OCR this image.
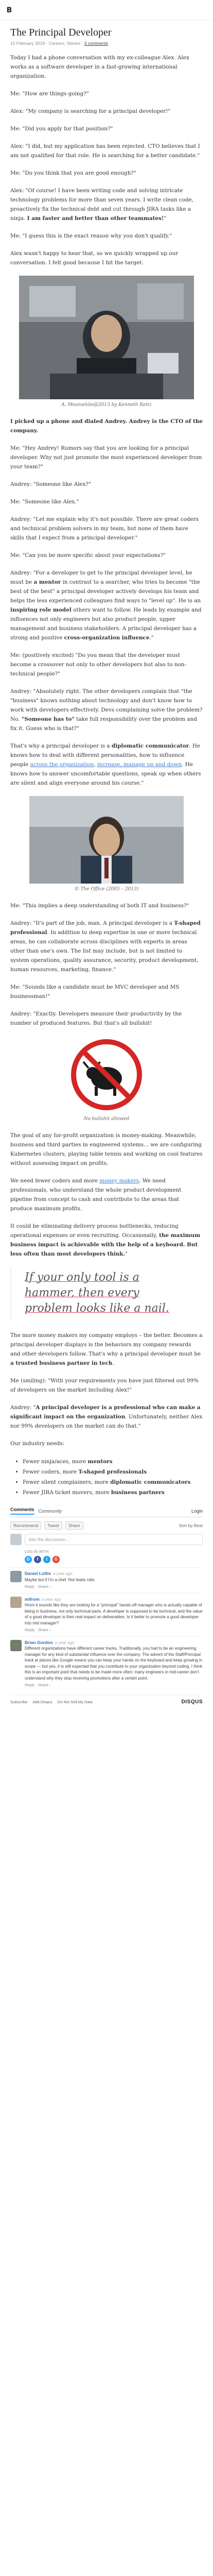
B
The Principal Developer
15 February 2019 · Careers, Stories · 3 comments

Today I had a phone conversation with my ex-colleague Alex. Alex works as a software developer in a fast-growing international organization.

Me: "How are things going?"

Alex: "My company is searching for a principal developer!"

Me: "Did you apply for that position?"

Alex: "I did, but my application has been rejected. CTO believes that I am not qualified for that role. He is searching for a better candidate."

Me: "Do you think that you are good enough?"

Alex: "Of course! I have been writing code and solving intricate technology problems for more than seven years. I write clean code, proactively fix the technical debt and cut through JIRA tasks like a ninja. I am faster and better than other teammates!"

Me: "I guess this is the exact reason why you don't qualify."

Alex wasn't happy to hear that, so we quickly wrapped up our conversation. I felt good because I hit the target.

A, Meanwhile@2013 by Kenneth Reitz

I picked up a phone and dialed Andrey. Andrey is the CTO of the company.

Me: "Hey Andrey! Rumors say that you are looking for a principal developer. Why not just promote the most experienced developer from your team?"

Andrey: "Someone like Alex?"

Me: "Someone like Alex."

Andrey: "Let me explain why it's not possible. There are great coders and technical problem solvers in my team, but none of them have skills that I expect from a principal developer."

Me: "Can you be more specific about your expectations?"

Andrey: "For a developer to get to the principal developer level, he must be a mentor in contrast to a searcher, who tries to become "the best of the best" a principal developer actively develops his team and helps the less experienced colleagues find ways to "level up". He is an inspiring role model others want to follow. He leads by example and influences not only engineers but also product people, upper management and business stakeholders. A principal developer has a strong and positive cross-organization influence."

Me: (positively excited) "Do you mean that the developer must become a crossover not only to other developers but also to non-technical people?"

Andrey: "Absolutely right. The other developers complain that "the "business" knows nothing about technology and don't know how to work with developers effectively. Devs complaining solve the problem? No. "Someone has to" take full responsibility over the problem and fix it. Guess who is that?"

That's why a principal developer is a diplomatic communicator. He knows how to deal with different personalities, how to influence people across the organization, increase, manage up and down. He knows how to answer uncomfortable questions, speak up when others are silent and align everyone around his course."

© The Office (2005 – 2013)

Me: "This implies a deep understanding of both IT and business?"

Andrey: "It's part of the job, man. A principal developer is a T-shaped professional. In addition to deep expertise in one or more technical areas, he can collaborate across disciplines with experts in areas other than one's own. The list may include, but is not limited to system operations, quality assurance, security, product development, human resources, marketing, finance."

Me: "Sounds like a candidate must be MVC developer and MS businessman!"

Andrey: "Exactly. Developers measure their productivity by the number of produced features. But that's all bullshit!

No bullshit allowed

The goal of any for-profit organization is money-making. Meanwhile, business and third parties in engineered systems... we are configuring Kubernetes clusters, playing table tennis and working on cool features without assessing impact on profits.

We need fewer coders and more money makers. We need professionals, who understand the whole product development pipeline from concept to cash and contribute to the areas that produce maximum profits.

It could be eliminating delivery process bottlenecks, reducing operational expenses or even recruiting. Occasionally, the maximum business impact is achievable with the help of a keyboard. But less often than most developers think."

If your only tool is a
hammer, then every
problem looks like a nail.

The more money makers my company employs – the better. Becomes a principal developer displays is the behaviors my company rewards and other developers follow. That's why a principal developer must be a trusted business partner in tech.

Me (smiling): "With your requirements you have just filtered out 99% of developers on the market including Alex!"

Andrey: "A principal developer is a professional who can make a significant impact on the organization. Unfortunately, neither Alex nor 99% developers on the market can do that."

Our industry needs:

• Fewer ninja/aces, more mentors
• Fewer coders, more T-shaped professionals
• Fewer silent complainers, more diplomatic communicators
• Fewer JIRA ticket movers, more business partners
Comments Community	Login
Recommend	Tweet	Share	Sort by Best
Join the discussion...
LOG IN WITH
D	f	t	G
Daniel Loftis a year ago
Maybe but if I'm a chef. Not leads rolls.
Reply · Share ›
mifrom a year ago
Hmm it sounds like they are looking for a “principal” hands-off manager who is actually capable of being in business, not only technical parts. A developer is supposed to be technical, and the value of a good developer is their real impact on deliverables. Is it better to promote a good developer into mid manager?
Reply · Share ›
Brian Gordon a year ago
Different organizations have different career tracks. Traditionally, you had to be an engineering manager for any kind of substantial influence over the company. The advent of the Staff/Principal track at places like Google means you can keep your hands on the keyboard and keep growing in scope — but yes, it is still expected that you contribute to your organization beyond coding. I think this is an important point that needs to be made more often; many engineers in mid-career don't understand why they stop receiving promotions after a certain point.
Reply · Share ›
Subscribe Add Disqus Do Not Sell My Data	DISQUS
